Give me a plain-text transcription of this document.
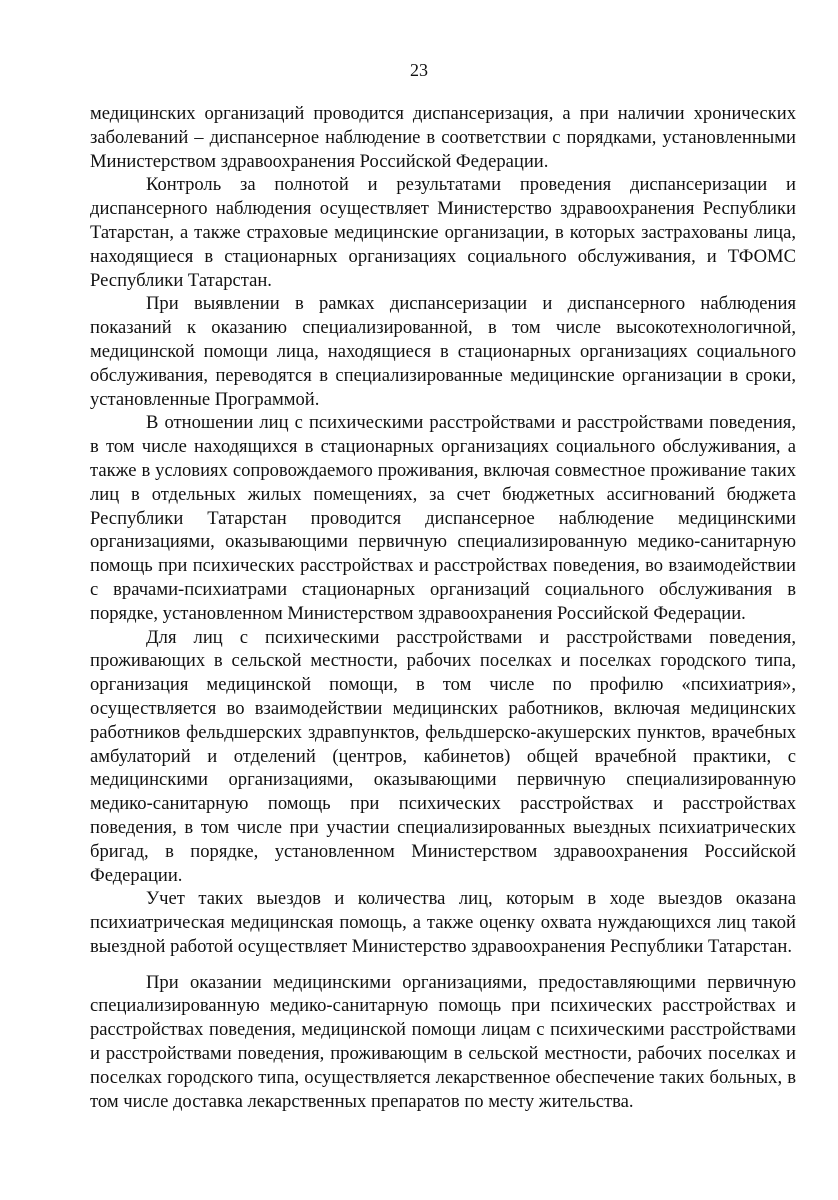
23

медицинских организаций проводится диспансеризация, а при наличии хронических заболеваний – диспансерное наблюдение в соответствии с порядками, установленными Министерством здравоохранения Российской Федерации.

Контроль за полнотой и результатами проведения диспансеризации и диспансерного наблюдения осуществляет Министерство здравоохранения Республики Татарстан, а также страховые медицинские организации, в которых застрахованы лица, находящиеся в стационарных организациях социального обслуживания, и ТФОМС Республики Татарстан.

При выявлении в рамках диспансеризации и диспансерного наблюдения показаний к оказанию специализированной, в том числе высокотехнологичной, медицинской помощи лица, находящиеся в стационарных организациях социального обслуживания, переводятся в специализированные медицинские организации в сроки, установленные Программой.

В отношении лиц с психическими расстройствами и расстройствами поведения, в том числе находящихся в стационарных организациях социального обслуживания, а также в условиях сопровождаемого проживания, включая совместное проживание таких лиц в отдельных жилых помещениях, за счет бюджетных ассигнований бюджета Республики Татарстан проводится диспансерное наблюдение медицинскими организациями, оказывающими первичную специализированную медико-санитарную помощь при психических расстройствах и расстройствах поведения, во взаимодействии с врачами-психиатрами стационарных организаций социального обслуживания в порядке, установленном Министерством здравоохранения Российской Федерации.

Для лиц с психическими расстройствами и расстройствами поведения, проживающих в сельской местности, рабочих поселках и поселках городского типа, организация медицинской помощи, в том числе по профилю «психиатрия», осуществляется во взаимодействии медицинских работников, включая медицинских работников фельдшерских здравпунктов, фельдшерско-акушерских пунктов, врачебных амбулаторий и отделений (центров, кабинетов) общей врачебной практики, с медицинскими организациями, оказывающими первичную специализированную медико-санитарную помощь при психических расстройствах и расстройствах поведения, в том числе при участии специализированных выездных психиатрических бригад, в порядке, установленном Министерством здравоохранения Российской Федерации.

Учет таких выездов и количества лиц, которым в ходе выездов оказана психиатрическая медицинская помощь, а также оценку охвата нуждающихся лиц такой выездной работой осуществляет Министерство здравоохранения Республики Татарстан.

При оказании медицинскими организациями, предоставляющими первичную специализированную медико-санитарную помощь при психических расстройствах и расстройствах поведения, медицинской помощи лицам с психическими расстройствами и расстройствами поведения, проживающим в сельской местности, рабочих поселках и поселках городского типа, осуществляется лекарственное обеспечение таких больных, в том числе доставка лекарственных препаратов по месту жительства.
